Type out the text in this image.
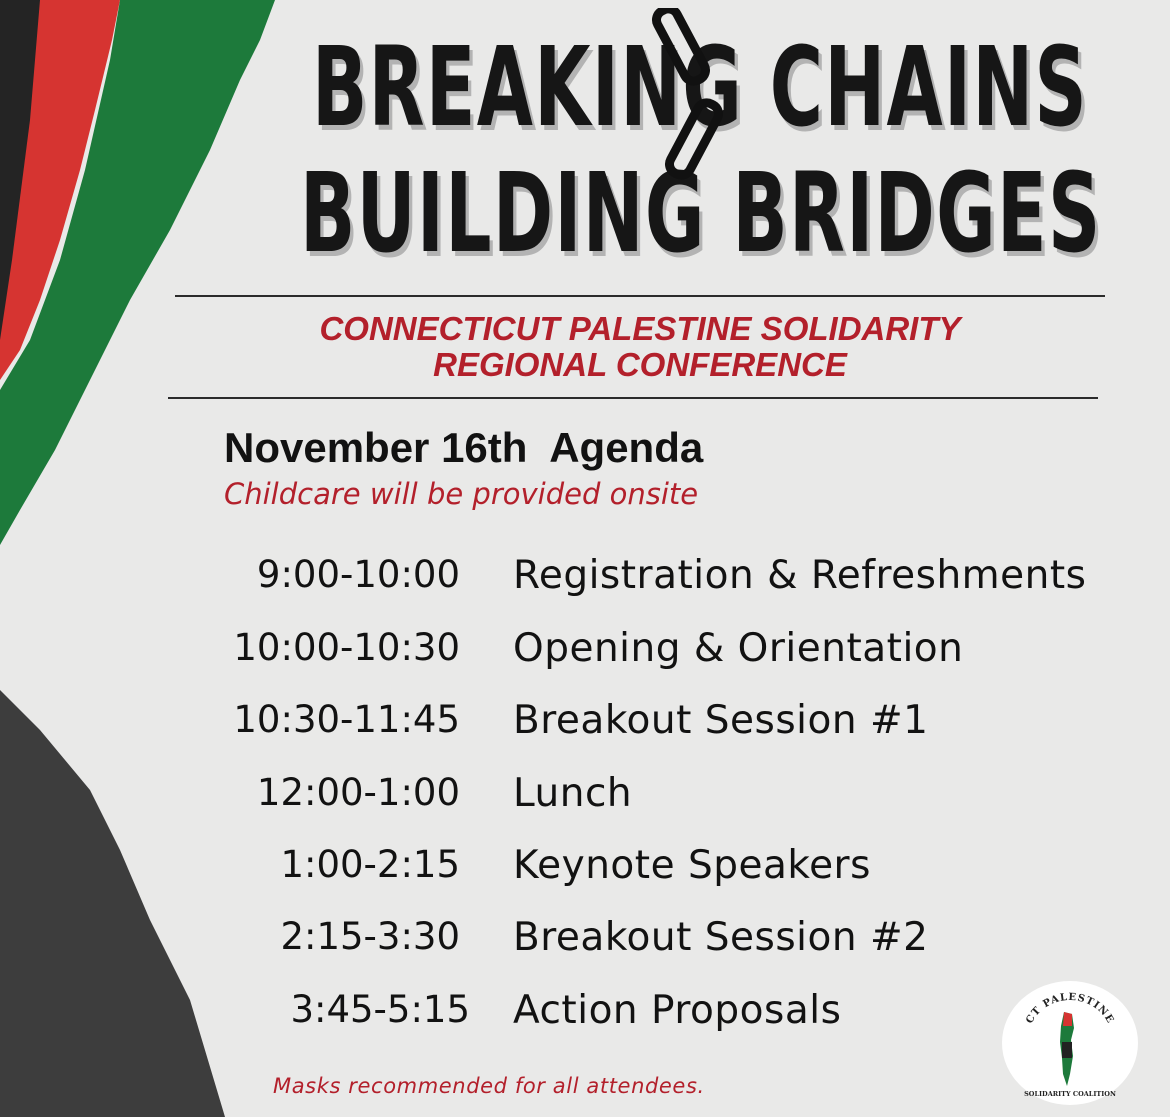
BREAKING CHAINS
BUILDING BRIDGES
CONNECTICUT PALESTINE SOLIDARITY
REGIONAL CONFERENCE
November 16th  Agenda
Childcare will be provided onsite
9:00-10:00 Registration & Refreshments
10:00-10:30 Opening & Orientation
10:30-11:45 Breakout Session #1
12:00-1:00 Lunch
1:00-2:15 Keynote Speakers
2:15-3:30 Breakout Session #2
3:45-5:15 Action Proposals
Masks recommended for all attendees.
CT PALESTINE
SOLIDARITY COALITION
